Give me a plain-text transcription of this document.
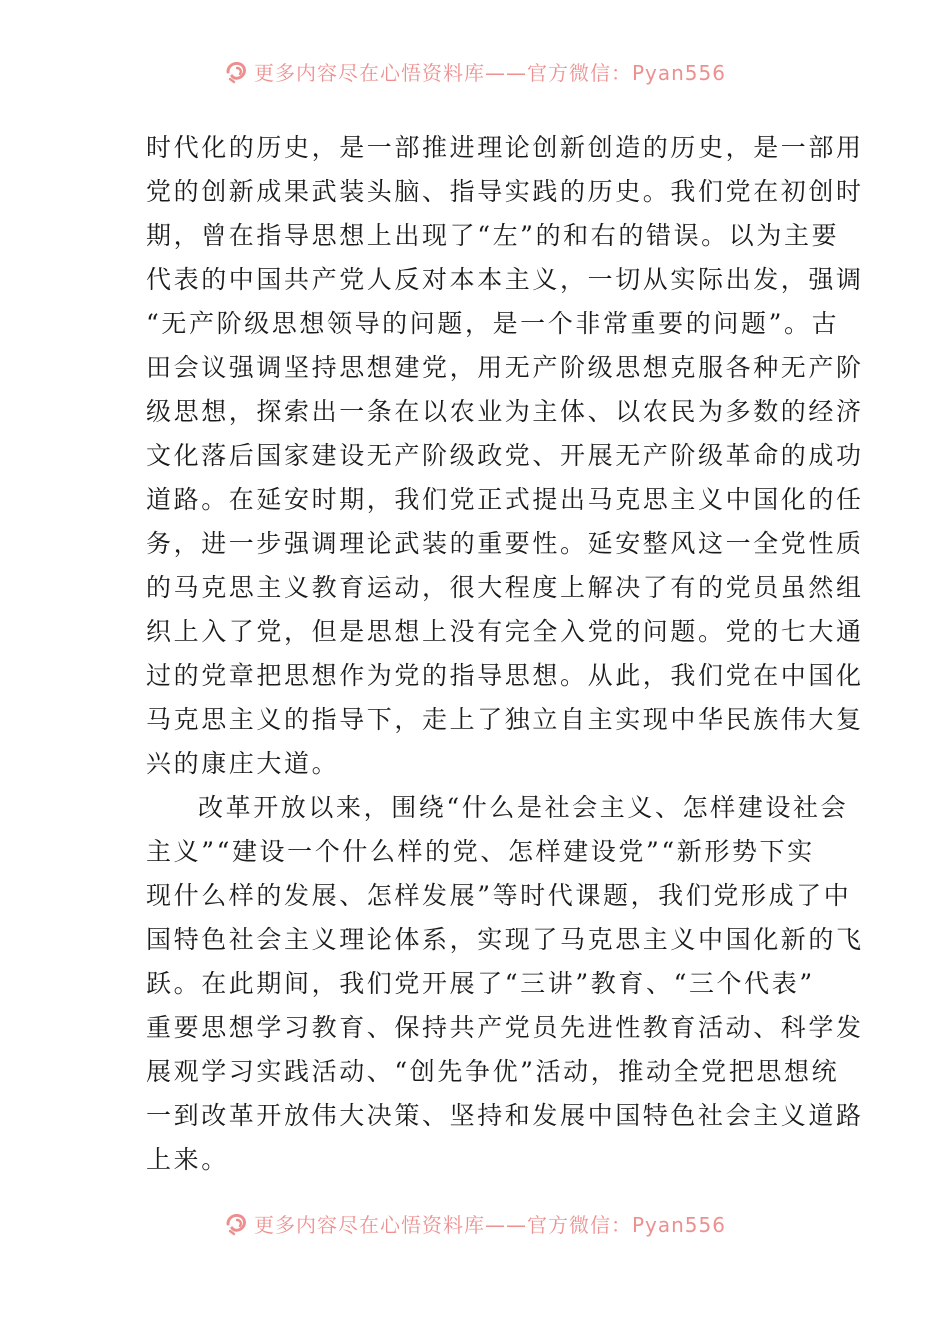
更多内容尽在心悟资料库——官方微信：Pyan556
时代化的历史，是一部推进理论创新创造的历史，是一部用
党的创新成果武装头脑、指导实践的历史。我们党在初创时
期，曾在指导思想上出现了“左”的和右的错误。以为主要
代表的中国共产党人反对本本主义，一切从实际出发，强调
“无产阶级思想领导的问题，是一个非常重要的问题”。古
田会议强调坚持思想建党，用无产阶级思想克服各种无产阶
级思想，探索出一条在以农业为主体、以农民为多数的经济
文化落后国家建设无产阶级政党、开展无产阶级革命的成功
道路。在延安时期，我们党正式提出马克思主义中国化的任
务，进一步强调理论武装的重要性。延安整风这一全党性质
的马克思主义教育运动，很大程度上解决了有的党员虽然组
织上入了党，但是思想上没有完全入党的问题。党的七大通
过的党章把思想作为党的指导思想。从此，我们党在中国化
马克思主义的指导下，走上了独立自主实现中华民族伟大复
兴的康庄大道。
改革开放以来，围绕“什么是社会主义、怎样建设社会
主义”“建设一个什么样的党、怎样建设党”“新形势下实
现什么样的发展、怎样发展”等时代课题，我们党形成了中
国特色社会主义理论体系，实现了马克思主义中国化新的飞
跃。在此期间，我们党开展了“三讲”教育、“三个代表”
重要思想学习教育、保持共产党员先进性教育活动、科学发
展观学习实践活动、“创先争优”活动，推动全党把思想统
一到改革开放伟大决策、坚持和发展中国特色社会主义道路
上来。
更多内容尽在心悟资料库——官方微信：Pyan556
